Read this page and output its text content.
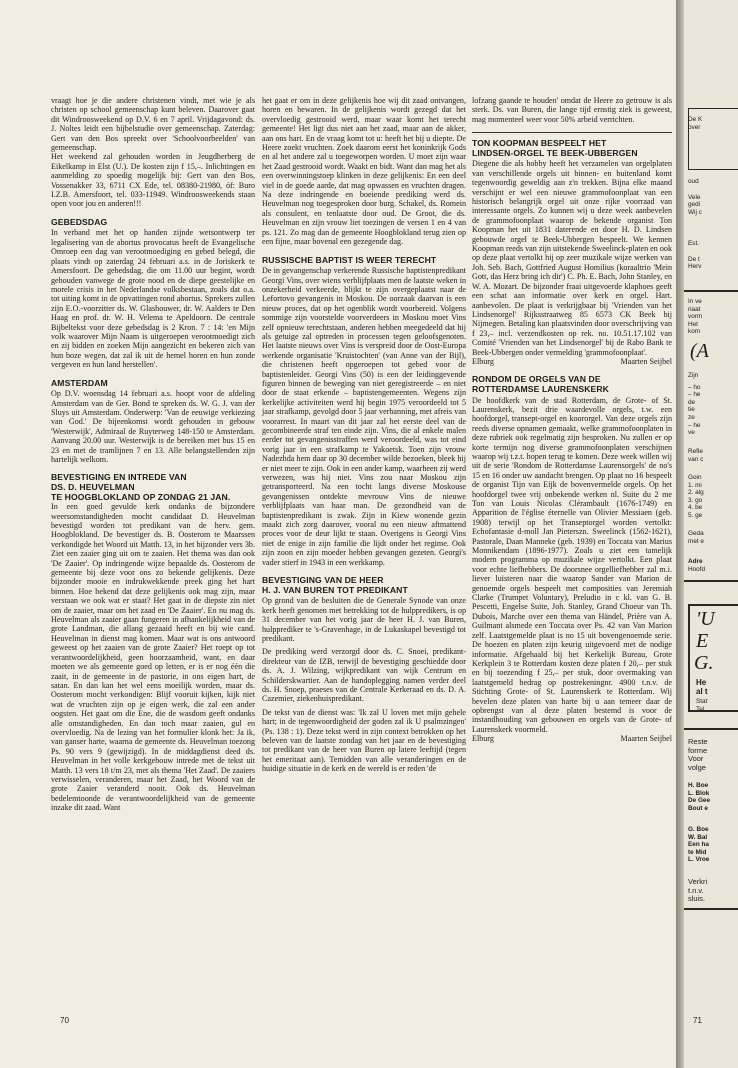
vraagt hoe je die andere christenen vindt, met wie je als christen op school gemeenschap kunt beleven. Daarover gaat dit Windroosweekend op D.V. 6 en 7 april. Vrijdagavond: ds. J. Noltes leidt een bijbelstudie over gemeenschap. Zaterdag: Gert van den Bos spreekt over 'Schoolvoorbeelden' van gemeenschap.

Het weekend zal gehouden worden in Jeugdherberg de Eikelkamp in Elst (U.). De kosten zijn f 15,–. Inlichtingen en aanmelding zo spoedig mogelijk bij: Gert van den Bos, Vossenakker 33, 6711 CX Ede, tel. 08380-21980, óf: Buro I.Z.B. Amersfoort, tel. 033-11949. Windroosweekends staan open voor jou en anderen!!!

GEBEDSDAG

In verband met het op handen zijnde wetsontwerp ter legalisering van de abortus provocatus heeft de Evangelische Omroep een dag van verootmoediging en gebed belegd, die plaats vindt op zaterdag 24 februari a.s. in de Joriskerk te Amersfoort. De gebedsdag, die om 11.00 uur begint, wordt gehouden vanwege de grote nood en de diepe geestelijke en morele crisis in het Nederlandse volksbestaan, zoals dat o.a. tot uiting komt in de opvattingen rond abortus. Sprekers zullen zijn E.O.-voorzitter ds. W. Glashouwer, dr. W. Aalders te Den Haag en prof. dr. W. H. Velema te Apeldoorn. De centrale Bijbeltekst voor deze gebedsdag is 2 Kron. 7 : 14: 'en Mijn volk waarover Mijn Naam is uitgeroepen verootmoedigt zich en zij bidden en zoeken Mijn aangezicht en bekeren zich van hun boze wegen, dat zal ik uit de hemel horen en hun zonde vergeven en hun land herstellen'.

AMSTERDAM

Op D.V. woensdag 14 februari a.s. hoopt voor de afdeling Amsterdam van de Ger. Bond te spreken ds. W. G. J. van der Sluys uit Amsterdam. Onderwerp: 'Van de eeuwige verkiezing van God.' De bijeenkomst wordt gehouden in gebouw 'Westerwijk', Admiraal de Ruyterweg 148-150 te Amsterdam. Aanvang 20.00 uur. Westerwijk is de bereiken met bus 15 en 23 en met de tramlijnen 7 en 13. Alle belangstellenden zijn hartelijk welkom.

BEVESTIGING EN INTREDE VAN
DS. D. HEUVELMAN
TE HOOGBLOKLAND OP ZONDAG 21 JAN.

In een goed gevulde kerk ondanks de bijzondere weersomstandigheden mocht candidaat D. Heuvelman bevestigd worden tot predikant van de herv. gem. Hoogblokland. De bevestiger ds. B. Oosterom te Maarssen verkondigde het Woord uit Matth. 13, in het bijzonder vers 3b. Ziet een zaaier ging uit om te zaaien. Het thema was dan ook 'De Zaaier'. Op indringende wijze bepaalde ds. Oosterom de gemeente bij deze voor ons zo bekende gelijkenis. Deze bijzonder mooie en indrukwekkende preek ging het hart binnen. Hoe bekend dat deze gelijkenis ook mag zijn, maar verstaan we ook wat er staat? Het gaat in de diepste zin niet om de zaaier, maar om het zaad en 'De Zaaier'. En nu mag ds. Heuvelman als zaaier gaan fungeren in afhankelijkheid van de grote Landman, die allang gezaaid heeft en bij wie cand. Heuvelman in dienst mag komen. Maar wat is ons antwoord geweest op het zaaien van de grote Zaaier? Het roept op tot verantwoordelijkheid, geen hoorzaamheid, want, en daar moeten we als gemeente goed op letten, er is er nog één die zaait, in de gemeente in de pastorie, in ons eigen hart, de satan. En dan kan het wel eens moeilijk worden, maar ds. Oosterom mocht verkondigen: Blijf vooruit kijken, kijk niet wat de vruchten zijn op je eigen werk, die zal een ander oogsten. Het gaat om die Ene, die de wasdom geeft ondanks alle omstandigheden. En dan toch maar zaaien, gul en overvloedig. Na de lezing van het formulier klonk het: Ja ik, van ganser harte, waarna de gemeente ds. Heuvelman toezong Ps. 90 vers 9 (gewijzigd). In de middagdienst deed ds. Heuvelman in het volle kerkgebouw intrede met de tekst uit Matth. 13 vers 18 t/m 23, met als thema 'Het Zaad'. De zaaiers verwisselen, veranderen, maar het Zaad, het Woord van de grote Zaaier veranderd nooit. Ook ds. Heuvelman bedelemtoonde de verantwoordelijkheid van de gemeente inzake dit zaad. Want

het gaat er om in deze gelijkenis hoe wij dit zaad ontvangen, horen en bewaren. In de gelijkenis wordt gezegd dat het overvloedig gestrooid werd, maar waar komt het terecht gemeente! Het ligt dus niet aan het zaad, maar aan de akker, aan ons hart. En de vraag komt tot u: heeft het bij u diepte. De Heere zoekt vruchten. Zoek daarom eerst het koninkrijk Gods en al het andere zal u toegeworpen worden. U moet zijn waar het Zaad gestrooid wordt. Waakt en bidt. Want dan mag het als een overwinningstoep klinken in deze gelijkenis: En een deel viel in de goede aarde, dat mag opwassen en vruchten dragen. Na deze indringende en boeiende prediking werd ds. Heuvelman nog toegesproken door burg. Schakel, ds. Romein als consulent, en tenlaatste door oud. De Groot, die ds. Heuvelman en zijn vrouw liet toezingen de versen 1 en 4 van ps. 121. Zo mag dan de gemeente Hoogblokland terug zien op een fijne, maar bovenal een gezegende dag.

RUSSISCHE BAPTIST IS WEER TERECHT

De in gevangenschap verkerende Russische baptistenpredikant Georgi Vins, over wiens verblijfplaats men de laatste weken in onzekerheid verkeerde, blijkt te zijn overgeplaatst naar de Lefortovo gevangenis in Moskou. De oorzaak daarvan is een nieuw proces, dat op het ogenblik wordt voorbereid. Volgens sommige zijn voorstelde voorverdeers in Moskou moet Vins zelf opnieuw terechtstaan, anderen hebben meegedeeld dat hij als getuige zal optreden in processen tegen geloofsgenoten. Het laatste nieuws over Vins is verspreid door de Oost-Europa werkende organisatie 'Kruistochten' (van Anne van der Bijl), die christenen heeft opgeroepen tot gebed voor de baptistenleider. Georgi Vins (50) is een der leidinggevende figuren binnen de beweging van niet geregistreerde – en niet door de staat erkende – baptistengemeenten. Wegens zijn kerkelijke activiteiten werd hij begin 1975 veroordeeld tot 5 jaar strafkamp, gevolgd door 5 jaar verbanning, met afreis van voorarrest. In maart van dit jaar zal het eerste deel van de gecombineerde straf ten einde zijn. Vins, die al enkele malen eerder tot gevangenisstraffen werd veroordeeld, was tot eind vorig jaar in een strafkamp te Yakoetsk. Toen zijn vrouw Nadezhda hem daar op 30 december wilde bezoeken, bleek hij er niet meer te zijn. Ook in een ander kamp, waarheen zij werd verwezen, was hij niet. Vins zou naar Moskou zijn getransporteerd. Na een tocht langs diverse Moskouse gevangenissen ontdekte mevrouw Vins de nieuwe verblijfplaats van haar man. De gezondheid van de baptistenpredikant is zwak. Zijn in Kiew wonende gezin maakt zich zorg daarover, vooral nu een nieuw aftmattend proces voor de deur lijkt te staan. Overigens is Georgi Vins niet de enige in zijn familie die lijdt onder het regime. Ook zijn zoon en zijn moeder hebben gevangen gezeten. Georgi's vader stierf in 1943 in een werkkamp.

BEVESTIGING VAN DE HEER
H. J. VAN BUREN TOT PREDIKANT

Op grond van de besluiten die de Generale Synode van onze kerk heeft genomen met betrekking tot de hulppredikers, is op 31 december van het vorig jaar de heer H. J. van Buren, hulpprediker te 's-Gravenhage, in de Lukaskapel bevestigd tot predikant.

De prediking werd verzorgd door ds. C. Snoei, predikant-direkteur van de IZB, terwijl de bevestiging geschiedde door ds. A. J. Wilzing, wijkpredikant van wijk Centrum en Schilderskwartier. Aan de handoplegging namen verder deel ds. H. Snoep, praeses van de Centrale Kerkeraad en ds. D. A. Cazemier, ziekenhuispredikant.

De tekst van de dienst was: 'Ik zal U loven met mijn gehele hart; in de tegenwoordigheid der goden zal ik U psalmzingen' (Ps. 138 : 1). Deze tekst werd in zijn context betrokken op het beleven van de laatste zondag van het jaar en de bevestiging tot predikant van de heer van Buren op latere leeftijd (tegen het emeritaat aan). Temidden van alle veranderingen en de huidige situatie in de kerk en de wereld is er reden 'de

lofzang gaande te houden' omdat de Heere zo getrouw is als sterk. Ds. van Buren, die lange tijd ernstig ziek is geweest, mag momenteel weer voor 50% arbeid verrichten.

TON KOOPMAN BESPEELT HET
LINDSEN-ORGEL TE BEEK-UBBERGEN

Diegene die als hobby heeft het verzamelen van orgelplaten van verschillende orgels uit binnen- en buitenland komt tegenwoordig geweldig aan z'n trekken. Bijna elke maand verschijnt er wel een nieuwe grammofoonplaat van een historisch belangrijk orgel uit onze rijke voorraad van interessante orgels. Zo kunnen wij u deze week aanbevelen de grammofoonplaat waarop de bekende organist Ton Koopman het uit 1831 daterende en door H. D. Lindsen gebouwde orgel te Beek-Ubbergen bespeelt. We kennen Koopman reeds van zijn uitstekende Sweelinck-platen en ook op deze plaat vertolkt hij op zeer muzikale wijze werken van Joh. Seb. Bach, Gottfried August Homilius (koraaltrio 'Mein Gott, das Herz bring ich dir') C. Ph. E. Bach, John Stanley, en W. A. Mozart. De bijzonder fraai uitgevoerde klaphoes geeft een schat aan informatie over kerk en orgel. Hart. aanbevolen. De plaat is verkrijgbaar bij 'Vrienden van het Lindsenorgel' Rijksstraatweg 85 6573 CK Beek bij Nijmegen. Betaling kan plaatsvinden door overschrijving van f 23,– incl. verzendkosten op rek. no. 10.51.17.102 van Comité 'Vrienden van het Lindsenorgel' bij de Rabo Bank te Beek-Ubbergen onder vermelding 'grammofoonplaat'.

Elburg	Maarten Seijbel
RONDOM DE ORGELS VAN DE
ROTTERDAMSE LAURENSKERK

De hoofdkerk van de stad Rotterdam, de Grote- of St. Laurenskerk, bezit drie waardevolle orgels, t.w. een hoofdorgel, transept-orgel en koororgel. Van deze orgels zijn reeds diverse opnamen gemaakt, welke grammofoonplaten in deze rubriek ook regelmatig zijn besproken. Nu zullen er op korte termijn nog diverse grammofoonplaten verschijnen waarop wij t.z.t. hopen terug te komen. Deze week willen wij uit de serie 'Rondom de Rotterdamse Laurensorgels' de no's 15 en 16 onder uw aandacht brengen. Op plaat no 16 bespeelt de organist Tijn van Eijk de bovenvermelde orgels. Op het hoofdorgel twee vrij onbekende werken nl. Suite du 2 me Ton van Louis Nicolas Clérambault (1676-1749) en Apparition de l'église éternelle van Olivier Messiaen (geb. 1908) terwijl op het Transeptorgel worden vertolkt: Echofantasie d-moll Jan Pieterszn. Sweelinck (1562-1621), Pastorale, Daan Manneke (geb. 1939) en Toccata van Marius Monnikendam (1896-1977). Zoals u ziet een tamelijk modern programma op muzikale wijze vertolkt. Een plaat voor echte liefhebbers. De doorsnee orgelliefhebber zal m.i. liever luisteren naar die waarop Sander van Marion de genoemde orgels bespeelt met composities van Jeremiah Clarke (Trumpet Voluntary), Preludio in c kl. van G. B. Pescetti, Engelse Suite, Joh. Stanley, Grand Choeur van Th. Dubois, Marche over een thema van Händel, Prière van A. Guilmant alsmede een Toccata over Ps. 42 van Van Marion zelf. Laatstgemelde plaat is no 15 uit bovengenoemde serie. De hoezen en platen zijn keurig uitgevoerd met de nodige informatie. Afgehaald bij het Kerkelijk Bureau, Grote Kerkplein 3 te Rotterdam kosten deze platen f 20,– per stuk en bij toezending f 25,– per stuk, door overmaking van laatstgemeld bedrag op postrekeningnr. 4900 t.n.v. de Stichting Grote- of St. Laurenskerk te Rotterdam. Wij bevelen deze platen van harte bij u aan temeer daar de opbrengst van al deze platen bestemd is voor de instandhouding van gebouwen en orgels van de Grote- of Laurenskerk voormeld.

Elburg	Maarten Seijbel
70
De K
over
oud
Vele
gedi
Wij c
Est.
De t
Herv
In ve
riaat
vorm
Het
kom
(A
Zijn
– ho
– he
de
tie
ze
– he
ve
Refle
van c
Goin
1. mi
2. alg
3. go
4. be
5. ge
Geda
met e
Adre
Hoofd
'U
E
G.
He
al t
Stat
Tel.
Reste
forme
Voor
volge
H. Boe
L. Blok
De Gee
Bout e
G. Boe
W. Bal
Een ha
te Mid
L. Vroe
Verkri
t.n.v.
sluis.
71
